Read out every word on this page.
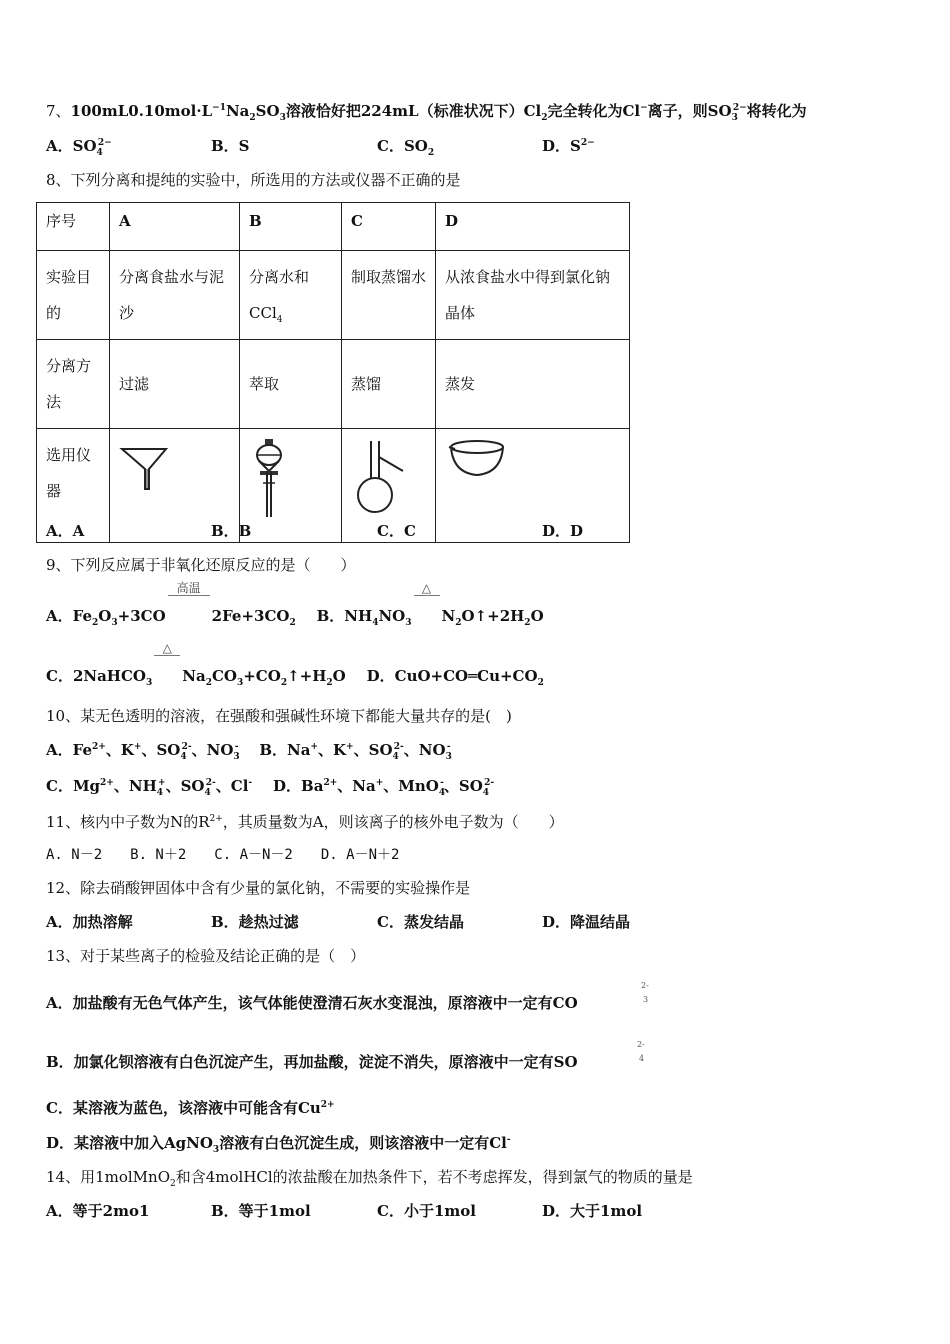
7、$100mL0.10mol\cdot L^{-1}Na_2SO_3$溶液恰好把224mL（标准状况下）$Cl_2$完全转化为Cl−离子，则$SO_3^{2-}$将转化为
A．$SO_4^{2-}$	B．S	C．$SO_2$	D．$S^{2-}$
8、下列分离和提纯的实验中，所选用的方法或仪器不正确的是
序号	A	B	C	D
实验目的	分离食盐水与泥沙	分离水和CCl$_4$	制取蒸馏水	从浓食盐水中得到氯化钠晶体
分离方法	过滤	萃取	蒸馏	蒸发
选用仪器				
A．A	B．B	C．C	D．D
9、下列反应属于非氧化还原反应的是（　　）
A．$Fe_2O_3+3CO$
高温
$2Fe+3CO_2$ B．$NH_4NO_3$
△
$N_2O↑+2H_2O$
C．2NaHCO$_3$
△
$Na_2CO_3+CO_2↑+H_2O$ D．$CuO+CO═Cu+CO_2$
10、某无色透明的溶液，在强酸和强碱性环境下都能大量共存的是(　)
A．$Fe^{2+}$、K+、$SO_4^{2-}$、$NO_3^-$ B．Na+、K+、$SO_4^{2-}$、$NO_3^-$
C．$Mg^{2+}$、$NH_4^+$、$SO_4^{2-}$、Cl- D．$Ba^{2+}$、Na+、MnO$_4$-、$SO_4^{2-}$
11、核内中子数为N的$R^{2+}$，其质量数为A，则该离子的核外电子数为（　　）
A. N－2　　B. N＋2　　C. A－N－2　　D. A－N＋2
12、除去硝酸钾固体中含有少量的氯化钠，不需要的实验操作是
A．加热溶解	B．趁热过滤	C．蒸发结晶	D．降温结晶
13、对于某些离子的检验及结论正确的是（　）
A．加盐酸有无色气体产生，该气体能使澄清石灰水变混浊，原溶液中一定有CO
2-
3
B．加氯化钡溶液有白色沉淀产生，再加盐酸，淀淀不消失，原溶液中一定有SO
2-
4
C．某溶液为蓝色，该溶液中可能含有$Cu^{2+}$
D．某溶液中加入AgNO$_3$溶液有白色沉淀生成，则该溶液中一定有Cl-
14、用1molMnO$_2$和含4molHCl的浓盐酸在加热条件下，若不考虑挥发，得到氯气的物质的量是
A．等于2mo1	B．等于1mol	C．小于1mol	D．大于1mol
